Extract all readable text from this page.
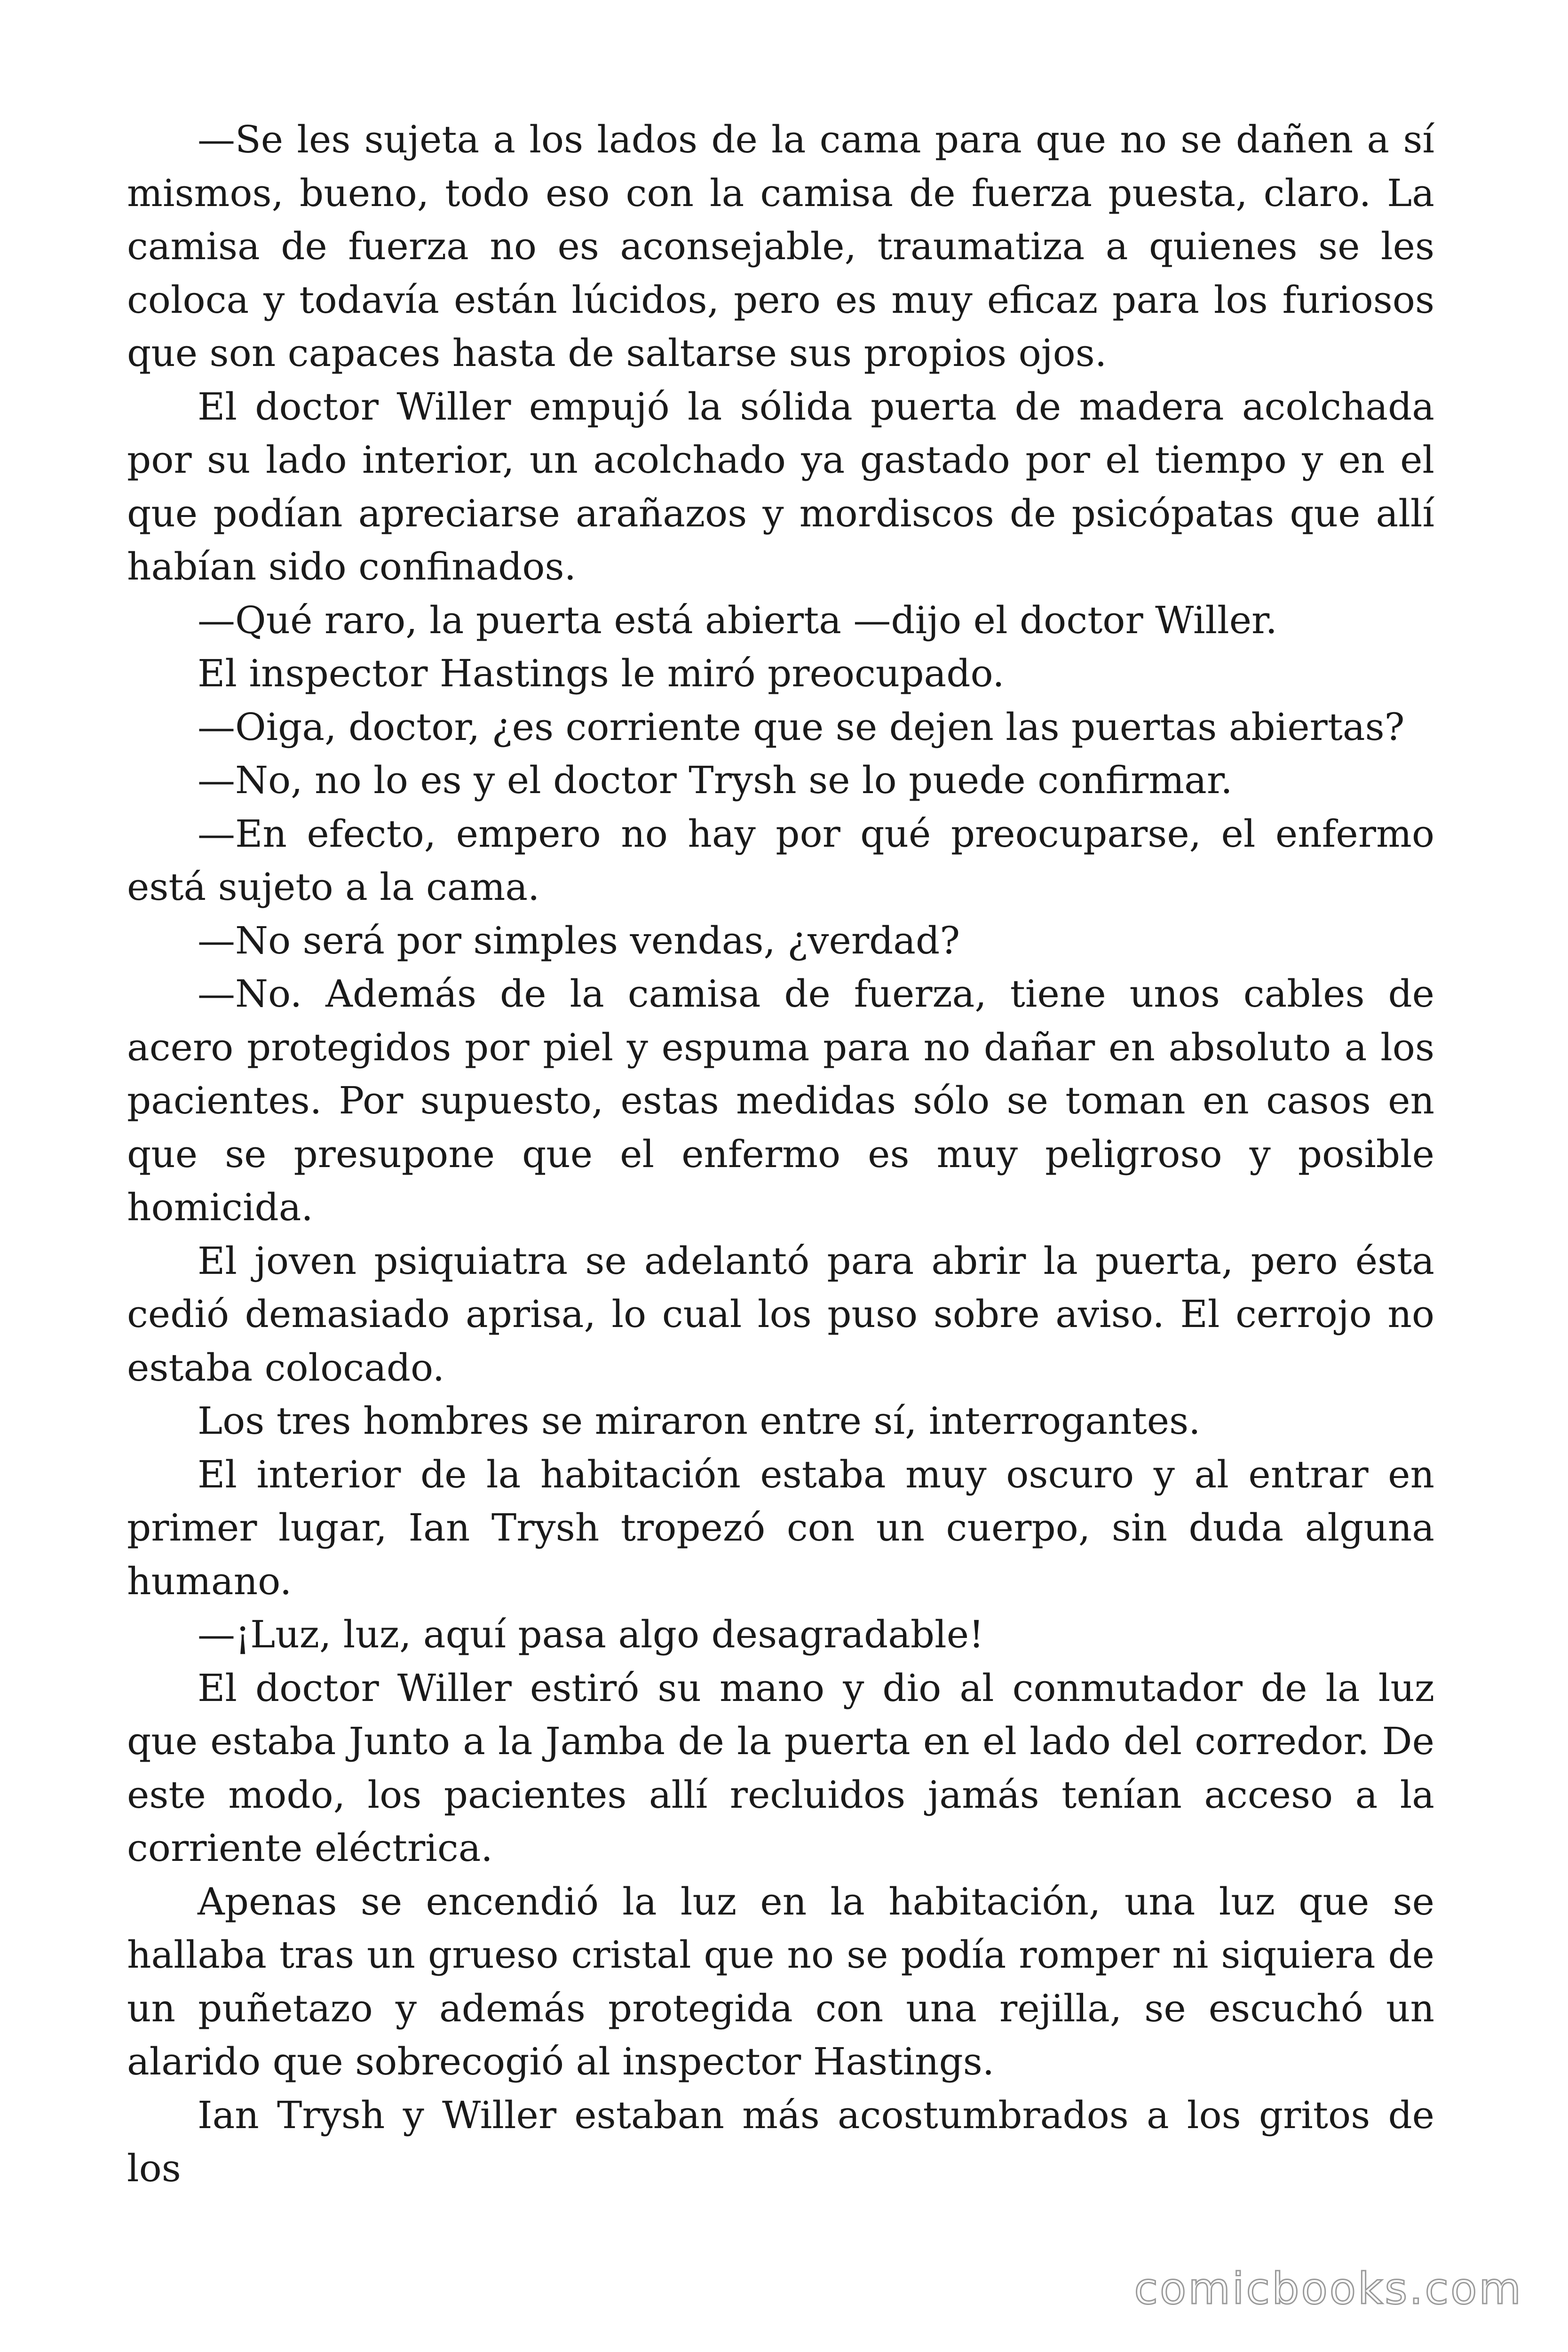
—Se les sujeta a los lados de la cama para que no se dañen a sí mismos, bueno, todo eso con la camisa de fuerza puesta, claro. La camisa de fuerza no es aconsejable, traumatiza a quienes se les coloca y todavía están lúcidos, pero es muy eficaz para los furiosos que son capaces hasta de saltarse sus propios ojos.

El doctor Willer empujó la sólida puerta de madera acolchada por su lado interior, un acolchado ya gastado por el tiempo y en el que podían apreciarse arañazos y mordiscos de psicópatas que allí habían sido confinados.

—Qué raro, la puerta está abierta —dijo el doctor Willer.

El inspector Hastings le miró preocupado.

—Oiga, doctor, ¿es corriente que se dejen las puertas abiertas?

—No, no lo es y el doctor Trysh se lo puede confirmar.

—En efecto, empero no hay por qué preocuparse, el enfermo está sujeto a la cama.

—No será por simples vendas, ¿verdad?

—No. Además de la camisa de fuerza, tiene unos cables de acero protegidos por piel y espuma para no dañar en absoluto a los pacientes. Por supuesto, estas medidas sólo se toman en casos en que se presupone que el enfermo es muy peligroso y posible homicida.

El joven psiquiatra se adelantó para abrir la puerta, pero ésta cedió demasiado aprisa, lo cual los puso sobre aviso. El cerrojo no estaba colocado.

Los tres hombres se miraron entre sí, interrogantes.

El interior de la habitación estaba muy oscuro y al entrar en primer lugar, Ian Trysh tropezó con un cuerpo, sin duda alguna humano.

—¡Luz, luz, aquí pasa algo desagradable!

El doctor Willer estiró su mano y dio al conmutador de la luz que estaba Junto a la Jamba de la puerta en el lado del corredor. De este modo, los pacientes allí recluidos jamás tenían acceso a la corriente eléctrica.

Apenas se encendió la luz en la habitación, una luz que se hallaba tras un grueso cristal que no se podía romper ni siquiera de un puñetazo y además protegida con una rejilla, se escuchó un alarido que sobrecogió al inspector Hastings.

Ian Trysh y Willer estaban más acostumbrados a los gritos de los

comicbooks.com
